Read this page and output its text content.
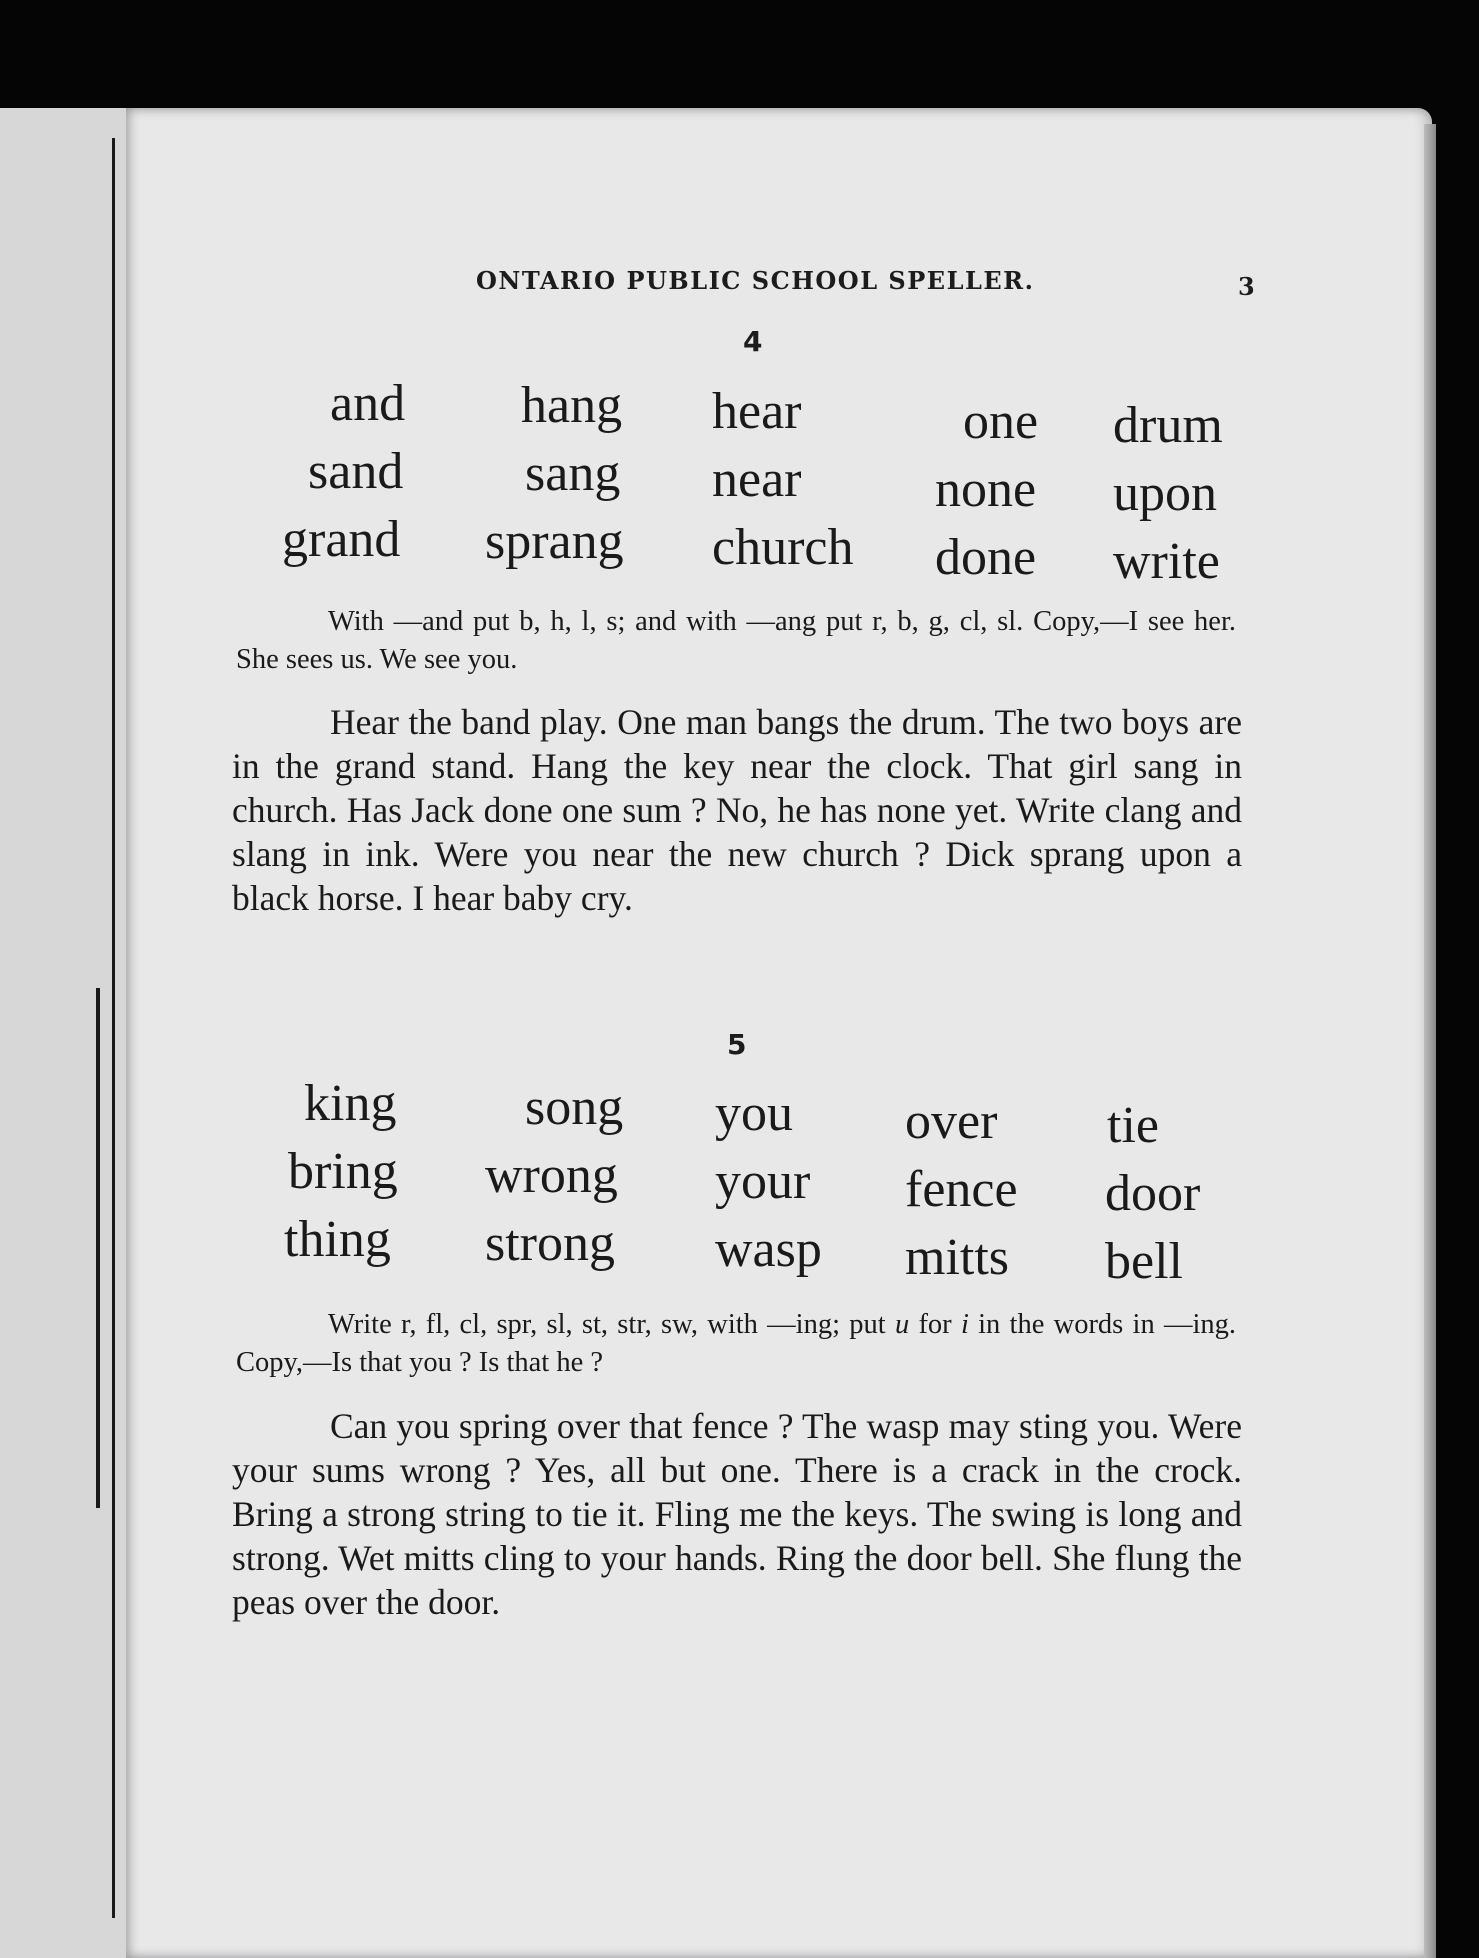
ONTARIO PUBLIC SCHOOL SPELLER.	3
4
and
sand
grand
hang
sang
sprang
hear
near
church
one
none
done
drum
upon
write
With —and put b, h, l, s; and with —ang put r, b, g, cl, sl. Copy,—I see her. She sees us. We see you.
Hear the band play. One man bangs the drum. The two boys are in the grand stand. Hang the key near the clock. That girl sang in church. Has Jack done one sum ? No, he has none yet. Write clang and slang in ink. Were you near the new church ? Dick sprang upon a black horse. I hear baby cry.
5
king
bring
thing
song
wrong
strong
you
your
wasp
over
fence
mitts
tie
door
bell
Write r, fl, cl, spr, sl, st, str, sw, with —ing; put u for i in the words in —ing. Copy,—Is that you ? Is that he ?
Can you spring over that fence ? The wasp may sting you. Were your sums wrong ? Yes, all but one. There is a crack in the crock. Bring a strong string to tie it. Fling me the keys. The swing is long and strong. Wet mitts cling to your hands. Ring the door bell. She flung the peas over the door.
